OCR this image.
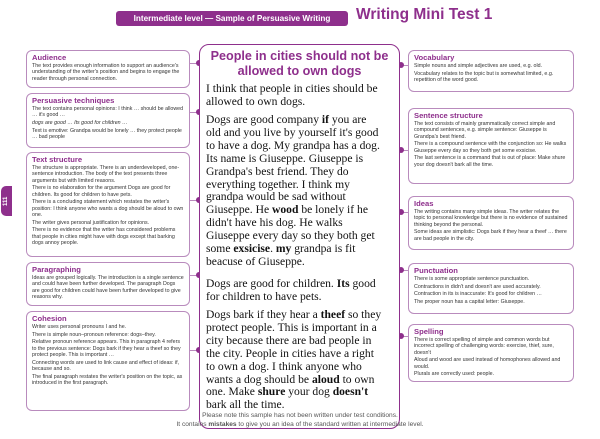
Intermediate level — Sample of Persuasive Writing	Writing Mini Test 1
111
Audience

The text provides enough information to support an audience's understanding of the writer's position and begins to engage the reader through personal connection.

Persuasive techniques

The text contains personal opinions: I think … should be allowed … it's good …

dogs are good … Its good for children …

Text is emotive: Grandpa would be lonely … they protect people … bad people

Text structure

The structure is appropriate. There is an underdeveloped, one-sentence introduction. The body of the text presents three arguments but with limited reasons.

There is no elaboration for the argument Dogs are good for children. Its good for children to have pets.

There is a concluding statement which restates the writer's position: I think anyone who wants a dog should be aloud to own one.

The writer gives personal justification for opinions.

There is no evidence that the writer has considered problems that people in cities might have with dogs except that barking dogs annoy people.

Paragraphing

Ideas are grouped logically. The introduction is a single sentence and could have been further developed. The paragraph Dogs are good for children could have been further developed to give reasons why.

Cohesion

Writer uses personal pronouns I and he.

There is simple noun–pronoun reference: dogs–they.

Relative pronoun reference appears. This in paragraph 4 refers to the previous sentence: Dogs bark if they hear a theef so they protect people. This is important …

Connecting words are used to link cause and effect of ideas: if, because and so.

The final paragraph restates the writer's position on the topic, as introduced in the first paragraph.

People in cities should not be allowed to own dogs
I think that people in cities should be allowed to own dogs.
Dogs are good company if you are
old and you live by yourself it's good
to have a dog. My grandpa has a dog.
Its name is Giuseppe. Giuseppe is
Grandpa's best friend. They do
everything together. I think my
grandpa would be sad without
Giuseppe. He wood be lonely if he
didn't have his dog. He walks
Giuseppe every day so they both get
some exsicise. my grandpa is fit
beacuse of Giuseppe.
Dogs are good for children. Its good
for children to have pets.
Dogs bark if they hear a theef so they
protect people. This is important in a
city because there are bad people in
the city. People in cities have a right
to own a dog. I think anyone who
wants a dog should be aloud to own
one. Make shure your dog doesn't
bark all the time.
Vocabulary

Simple nouns and simple adjectives are used, e.g. old.

Vocabulary relates to the topic but is somewhat limited, e.g. repetition of the word good.

Sentence structure

The text consists of mainly grammatically correct simple and compound sentences, e.g. simple sentence: Giuseppe is Grandpa's best friend.

There is a compound sentence with the conjunction so: He walks Giuseppe every day so they both get some exsicise.

The last sentence is a command that is out of place: Make shure your dog doesn't bark all the time.

Ideas

The writing contains many simple ideas. The writer relates the topic to personal knowledge but there is no evidence of sustained thinking beyond the personal.

Some ideas are simplistic: Dogs bark if they hear a theef … there are bad people in the city.

Punctuation

There is some appropriate sentence punctuation.

Contractions in didn't and doesn't are used accurately.

Contraction in its is inaccurate: It's good for children …

The proper noun has a capital letter: Giuseppe.

Spelling

There is correct spelling of simple and common words but incorrect spelling of challenging words: exercise, thief, sure, doesn't

Aloud and wood are used instead of homophones allowed and would.

Plurals are correctly used: people.

Please note this sample has not been written under test conditions.
It contains mistakes to give you an idea of the standard written at intermediate level.
